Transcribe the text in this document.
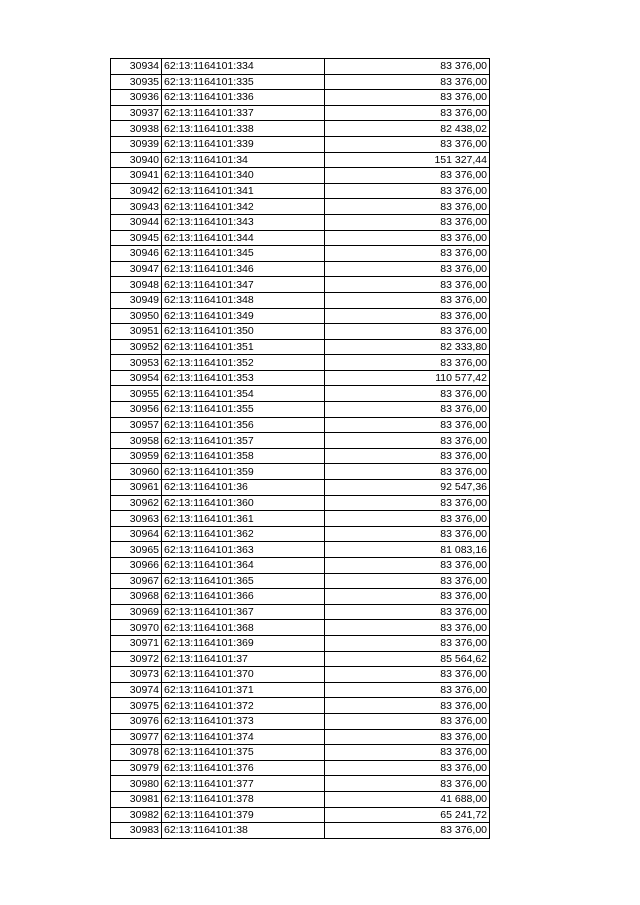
30934	62:13:1164101:334	83 376,00
30935	62:13:1164101:335	83 376,00
30936	62:13:1164101:336	83 376,00
30937	62:13:1164101:337	83 376,00
30938	62:13:1164101:338	82 438,02
30939	62:13:1164101:339	83 376,00
30940	62:13:1164101:34	151 327,44
30941	62:13:1164101:340	83 376,00
30942	62:13:1164101:341	83 376,00
30943	62:13:1164101:342	83 376,00
30944	62:13:1164101:343	83 376,00
30945	62:13:1164101:344	83 376,00
30946	62:13:1164101:345	83 376,00
30947	62:13:1164101:346	83 376,00
30948	62:13:1164101:347	83 376,00
30949	62:13:1164101:348	83 376,00
30950	62:13:1164101:349	83 376,00
30951	62:13:1164101:350	83 376,00
30952	62:13:1164101:351	82 333,80
30953	62:13:1164101:352	83 376,00
30954	62:13:1164101:353	110 577,42
30955	62:13:1164101:354	83 376,00
30956	62:13:1164101:355	83 376,00
30957	62:13:1164101:356	83 376,00
30958	62:13:1164101:357	83 376,00
30959	62:13:1164101:358	83 376,00
30960	62:13:1164101:359	83 376,00
30961	62:13:1164101:36	92 547,36
30962	62:13:1164101:360	83 376,00
30963	62:13:1164101:361	83 376,00
30964	62:13:1164101:362	83 376,00
30965	62:13:1164101:363	81 083,16
30966	62:13:1164101:364	83 376,00
30967	62:13:1164101:365	83 376,00
30968	62:13:1164101:366	83 376,00
30969	62:13:1164101:367	83 376,00
30970	62:13:1164101:368	83 376,00
30971	62:13:1164101:369	83 376,00
30972	62:13:1164101:37	85 564,62
30973	62:13:1164101:370	83 376,00
30974	62:13:1164101:371	83 376,00
30975	62:13:1164101:372	83 376,00
30976	62:13:1164101:373	83 376,00
30977	62:13:1164101:374	83 376,00
30978	62:13:1164101:375	83 376,00
30979	62:13:1164101:376	83 376,00
30980	62:13:1164101:377	83 376,00
30981	62:13:1164101:378	41 688,00
30982	62:13:1164101:379	65 241,72
30983	62:13:1164101:38	83 376,00
